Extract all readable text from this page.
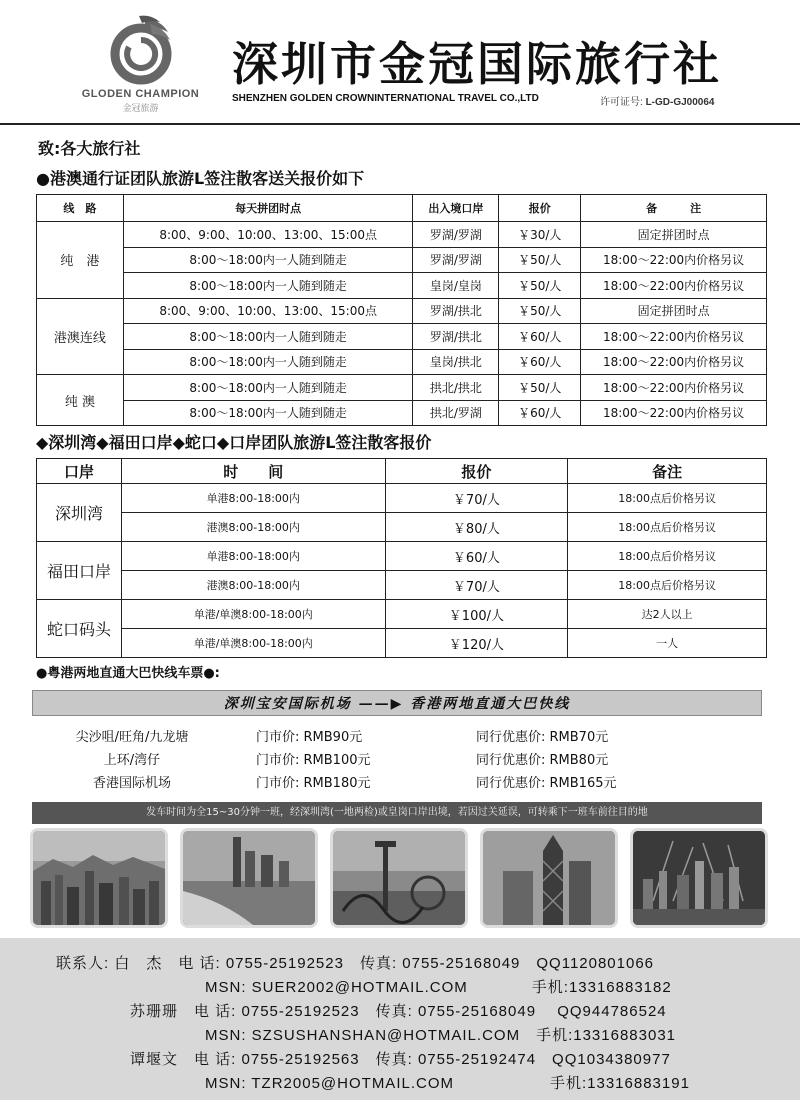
GLODEN CHAMPION
金冠旅游
深圳市金冠国际旅行社
SHENZHEN GOLDEN CROWNINTERNATIONAL TRAVEL CO.,LTD	许可证号: L-GD-GJ00064
致:各大旅行社
●港澳通行证团队旅游L签注散客送关报价如下
线　路	每天拼团时点	出入境口岸	报价	备　　　注
纯　港	8:00、9:00、10:00、13:00、15:00点	罗湖/罗湖	￥30/人	固定拼团时点
	8:00～18:00内一人随到随走	罗湖/罗湖	￥50/人	18:00～22:00内价格另议
	8:00～18:00内一人随到随走	皇岗/皇岗	￥50/人	18:00～22:00内价格另议
港澳连线	8:00、9:00、10:00、13:00、15:00点	罗湖/拱北	￥50/人	固定拼团时点
	8:00～18:00内一人随到随走	罗湖/拱北	￥60/人	18:00～22:00内价格另议
	8:00～18:00内一人随到随走	皇岗/拱北	￥60/人	18:00～22:00内价格另议
纯 澳	8:00～18:00内一人随到随走	拱北/拱北	￥50/人	18:00～22:00内价格另议
	8:00～18:00内一人随到随走	拱北/罗湖	￥60/人	18:00～22:00内价格另议
◆深圳湾◆福田口岸◆蛇口◆口岸团队旅游L签注散客报价
口岸	时　　间	报价	备注
深圳湾	单港8:00-18:00内	￥70/人	18:00点后价格另议
	港澳8:00-18:00内	￥80/人	18:00点后价格另议
福田口岸	单港8:00-18:00内	￥60/人	18:00点后价格另议
	港澳8:00-18:00内	￥70/人	18:00点后价格另议
蛇口码头	单港/单澳8:00-18:00内	￥100/人	达2人以上
	单港/单澳8:00-18:00内	￥120/人	一人
●粤港两地直通大巴快线车票●:
深圳宝安国际机场 ——▶ 香港两地直通大巴快线
尖沙咀/旺角/九龙塘	门市价: RMB90元	同行优惠价: RMB70元
上环/湾仔	门市价: RMB100元	同行优惠价: RMB80元
香港国际机场	门市价: RMB180元	同行优惠价: RMB165元
发车时间为全15~30分钟一班，经深圳湾(一地两检)或皇岗口岸出境，若因过关延误，可转乘下一班车前往目的地
联系人: 白　杰　电 话: 0755-25192523　传真: 0755-25168049　QQ1120801066
MSN: SUER2002@HOTMAIL.COM　　　　手机:13316883182
苏珊珊　电 话: 0755-25192523　传真: 0755-25168049　 QQ944786524
MSN: SZSUSHANSHAN@HOTMAIL.COM　手机:13316883031
谭堰文　电 话: 0755-25192563　传真: 0755-25192474　QQ1034380977
MSN: TZR2005@HOTMAIL.COM　　　　　　手机:13316883191
